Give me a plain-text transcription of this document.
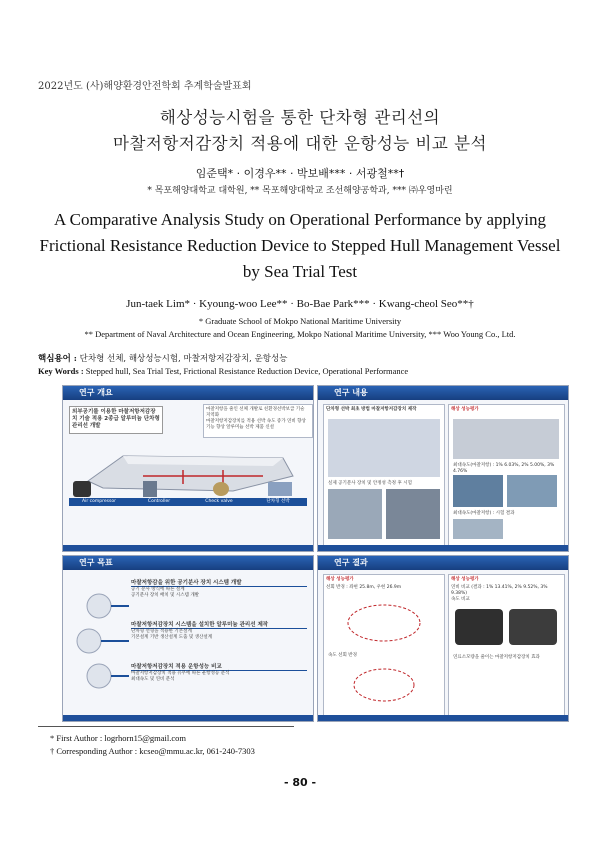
2022년도 (사)해양환경안전학회 추계학술발표회
해상성능시험을 통한 단차형 관리선의
마찰저항저감장치 적용에 대한 운항성능 비교 분석
임준택* · 이경우** · 박보배*** · 서광철**†
* 목포해양대학교 대학원, ** 목포해양대학교 조선해양공학과, *** ㈜우영마린
A Comparative Analysis Study on Operational Performance by applying
Frictional Resistance Reduction Device to Stepped Hull Management Vessel
by Sea Trial Test
Jun-taek Lim* · Kyoung-woo Lee** · Bo-Bae Park*** · Kwang-cheol Seo**†
* Graduate School of Mokpo National Maritime University
** Department of Naval Architecture and Ocean Engineering, Mokpo National Maritime University, *** Woo Young Co., Ltd.
핵심용어 : 단차형 선체, 해상성능시험, 마찰저항저감장치, 운항성능
Key Words : Stepped hull, Sea Trial Test, Frictional Resistance Reduction Device, Operational Performance
연구 개요
외부공기를 이용한 마찰저항저감장치 기술 적용 2종급 알루미늄 단차형 관리선 개발
마찰저항을 줄인 선체 개발로 친환경선박보급 기술 지역화
마찰저항저감장치를 적용 선박 속도 증가 연비 향상
기능 향상 알루미늄 선박 제품 신설
Air compressor	Controller	Check valve	단차형 선박
연구 내용
단차형 선박 최초 방법 마찰저항저감장치 제작
실제 공기분사 장치 및 안정성 측정 후 시험
해상 성능평가
최대속도(마찰저항) : 1% 6.03%, 2% 5.00%, 3% 4.76%
최대속도(마찰저항) : 시험 결과
연구 목표
마찰저항감을 위한 공기분사 장치 시스템 개발
공기 분사 방식에 따른 설계
공기분사 장치 배치 및 시스템 개발
마찰저항저감장치 시스템을 설치한 알루미늄 관리선 제작
단차형 선형을 적용한 기본설계
기본설계 기반 생산설계 도출 및 생산설계
마찰저항저감장치 적용 운항성능 비교
마찰저항저감장치 적용 유무에 따른 운항성능 분석
최대속도 및 연비 분석
연구 결과
해상 성능평가
선회 반경 : 좌현 25.8m, 우현 26.9m
속도 선회 반경
해상 성능평가
연비 비교 (결과 : 1% 13.41%, 2% 9.52%, 3% 9.38%)
속도 비교
연료소모량을 줄이는 마찰저항저감장치 효과
* First Author : logrhorn15@gmail.com
† Corresponding Author : kcseo@mmu.ac.kr, 061-240-7303
- 80 -
